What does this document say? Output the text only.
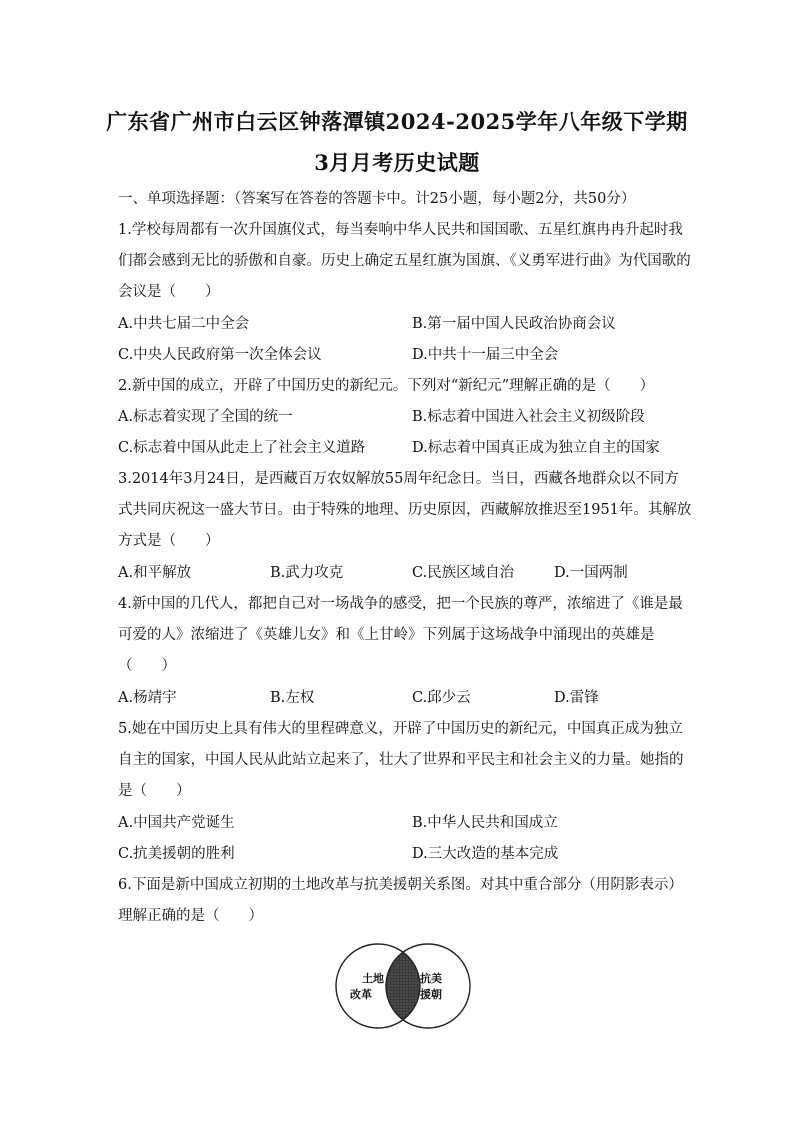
广东省广州市白云区钟落潭镇2024-2025学年八年级下学期
3月月考历史试题
一、单项选择题：（答案写在答卷的答题卡中。计25小题，每小题2分，共50分）
1.学校每周都有一次升国旗仪式，每当奏响中华人民共和国国歌、五星红旗冉冉升起时我
们都会感到无比的骄傲和自豪。历史上确定五星红旗为国旗、《义勇军进行曲》为代国歌的
会议是（　　）
A.中共七届二中全会	B.第一届中国人民政治协商会议
C.中央人民政府第一次全体会议	D.中共十一届三中全会
2.新中国的成立，开辟了中国历史的新纪元。下列对“新纪元”理解正确的是（　　）
A.标志着实现了全国的统一	B.标志着中国进入社会主义初级阶段
C.标志着中国从此走上了社会主义道路	D.标志着中国真正成为独立自主的国家
3.2014年3月24日，是西藏百万农奴解放55周年纪念日。当日，西藏各地群众以不同方
式共同庆祝这一盛大节日。由于特殊的地理、历史原因，西藏解放推迟至1951年。其解放
方式是（　　）
A.和平解放	B.武力攻克	C.民族区域自治	D.一国两制
4.新中国的几代人，都把自己对一场战争的感受，把一个民族的尊严，浓缩进了《谁是最
可爱的人》浓缩进了《英雄儿女》和《上甘岭》下列属于这场战争中涌现出的英雄是
（　　）
A.杨靖宇	B.左权	C.邱少云	D.雷锋
5.她在中国历史上具有伟大的里程碑意义，开辟了中国历史的新纪元，中国真正成为独立
自主的国家，中国人民从此站立起来了，壮大了世界和平民主和社会主义的力量。她指的
是（　　）
A.中国共产党诞生	B.中华人民共和国成立
C.抗美援朝的胜利	D.三大改造的基本完成
6.下面是新中国成立初期的土地改革与抗美援朝关系图。对其中重合部分（用阴影表示）
理解正确的是（　　）
土地
改革
抗美
援朝
